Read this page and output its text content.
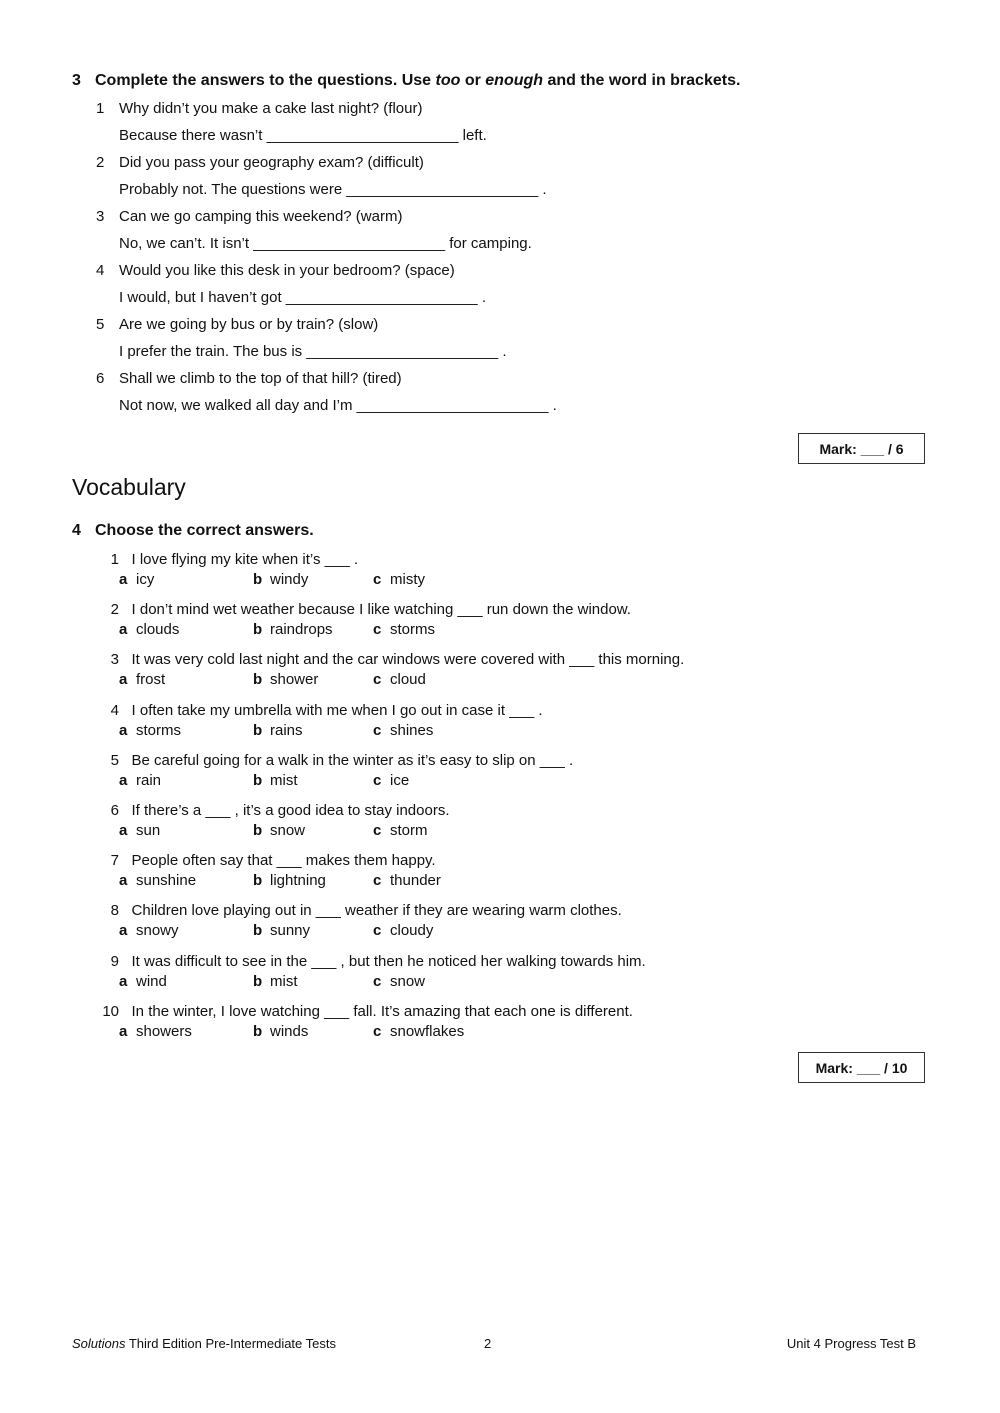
3 Complete the answers to the questions. Use too or enough and the word in brackets.
1 Why didn’t you make a cake last night? (flour)
Because there wasn’t _______________________ left.
2 Did you pass your geography exam? (difficult)
Probably not. The questions were _______________________ .
3 Can we go camping this weekend? (warm)
No, we can’t. It isn’t _______________________ for camping.
4 Would you like this desk in your bedroom? (space)
I would, but I haven’t got _______________________ .
5 Are we going by bus or by train? (slow)
I prefer the train. The bus is _______________________ .
6 Shall we climb to the top of that hill? (tired)
Not now, we walked all day and I’m _______________________ .
Mark: ___ / 6
Vocabulary
4 Choose the correct answers.
1 I love flying my kite when it’s ___ .
a icy	b windy	c misty
2 I don’t mind wet weather because I like watching ___ run down the window.
a clouds	b raindrops	c storms
3 It was very cold last night and the car windows were covered with ___ this morning.
a frost	b shower	c cloud
4 I often take my umbrella with me when I go out in case it ___ .
a storms	b rains	c shines
5 Be careful going for a walk in the winter as it’s easy to slip on ___ .
a rain	b mist	c ice
6 If there’s a ___ , it’s a good idea to stay indoors.
a sun	b snow	c storm
7 People often say that ___ makes them happy.
a sunshine	b lightning	c thunder
8 Children love playing out in ___ weather if they are wearing warm clothes.
a snowy	b sunny	c cloudy
9 It was difficult to see in the ___ , but then he noticed her walking towards him.
a wind	b mist	c snow
10 In the winter, I love watching ___ fall. It’s amazing that each one is different.
a showers	b winds	c snowflakes
Mark: ___ / 10
Solutions Third Edition Pre-Intermediate Tests	2	Unit 4 Progress Test B
